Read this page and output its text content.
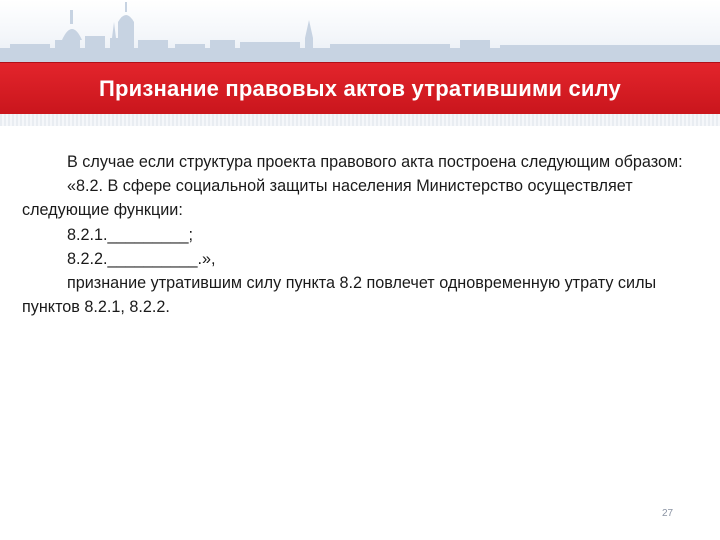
Признание правовых актов утратившими силу

В случае если структура проекта правового акта построена следующим образом:

«8.2. В сфере социальной защиты населения Министерство осуществляет следующие функции:

8.2.1._________;

8.2.2.__________.»,

признание утратившим силу пункта 8.2 повлечет одновременную утрату силы пунктов 8.2.1, 8.2.2.

27
